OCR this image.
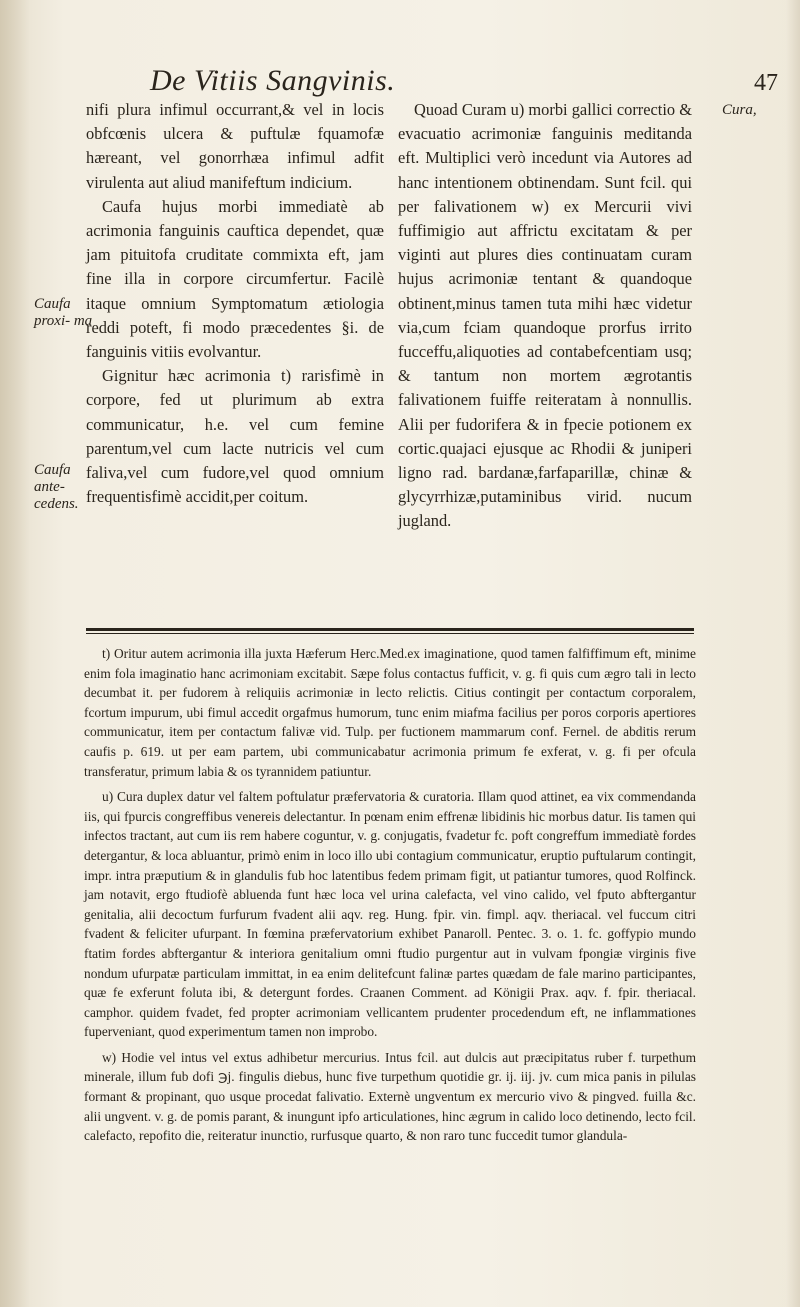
De Vitiis Sangvinis.	47
Caufa proxi- ma
Caufa ante- cedens.
Cura,

nifi plura infimul occurrant,& vel in locis obfcœnis ulcera & puftulæ fquamofæ hæreant, vel gonorrhæa infimul adfit virulenta aut aliud manifeftum indicium.

Caufa hujus morbi immediatè ab acrimonia fanguinis cauftica dependet, quæ jam pituitofa cruditate commixta eft, jam fine illa in corpore circumfertur. Facilè itaque omnium Symptomatum ætiologia reddi poteft, fi modo præcedentes §i. de fanguinis vitiis evolvantur.

Gignitur hæc acrimonia t) rarisfimè in corpore, fed ut plurimum ab extra communicatur, h.e. vel cum femine parentum,vel cum lacte nutricis vel cum faliva,vel cum fudore,vel quod omnium frequentisfimè accidit,per coitum.

Quoad Curam u) morbi gallici correctio & evacuatio acrimoniæ fanguinis meditanda eft. Multiplici verò incedunt via Autores ad hanc intentionem obtinendam. Sunt fcil. qui per falivationem w) ex Mercurii vivi fuffimigio aut affrictu excitatam & per viginti aut plures dies continuatam curam hujus acrimoniæ tentant & quandoque obtinent,minus tamen tuta mihi hæc videtur via,cum fciam quandoque prorfus irrito fucceffu,aliquoties ad contabefcentiam usq; & tantum non mortem ægrotantis falivationem fuiffe reiteratam à nonnullis. Alii per fudorifera & in fpecie potionem ex cortic.quajaci ejusque ac Rhodii & juniperi ligno rad. bardanæ,farfaparillæ, chinæ & glycyrrhizæ,putaminibus virid. nucum jugland.

t) Oritur autem acrimonia illa juxta Hæferum Herc.Med.ex imaginatione, quod tamen falfiffimum eft, minime enim fola imaginatio hanc acrimoniam excitabit. Sæpe folus contactus fufficit, v. g. fi quis cum ægro tali in lecto decumbat it. per fudorem à reliquiis acrimoniæ in lecto relictis. Citius contingit per contactum corporalem, fcortum impurum, ubi fimul accedit orgafmus humorum, tunc enim miafma facilius per poros corporis apertiores communicatur, item per contactum falivæ vid. Tulp. per fuctionem mammarum conf. Fernel. de abditis rerum caufis p. 619. ut per eam partem, ubi communicabatur acrimonia primum fe exferat, v. g. fi per ofcula transferatur, primum labia & os tyrannidem patiuntur.

u) Cura duplex datur vel faltem poftulatur præfervatoria & curatoria. Illam quod attinet, ea vix commendanda iis, qui fpurcis congreffibus venereis delectantur. In pœnam enim effrenæ libidinis hic morbus datur. Iis tamen qui infectos tractant, aut cum iis rem habere coguntur, v. g. conjugatis, fvadetur fc. poft congreffum immediatè fordes detergantur, & loca abluantur, primò enim in loco illo ubi contagium communicatur, eruptio puftularum contingit, impr. intra præputium & in glandulis fub hoc latentibus fedem primam figit, ut patiantur tumores, quod Rolfinck. jam notavit, ergo ftudiofè abluenda funt hæc loca vel urina calefacta, vel vino calido, vel fputo abftergantur genitalia, alii decoctum furfurum fvadent alii aqv. reg. Hung. fpir. vin. fimpl. aqv. theriacal. vel fuccum citri fvadent & feliciter ufurpant. In fœmina præfervatorium exhibet Panaroll. Pentec. 3. o. 1. fc. goffypio mundo ftatim fordes abftergantur & interiora genitalium omni ftudio purgentur aut in vulvam fpongiæ virginis five nondum ufurpatæ particulam immittat, in ea enim delitefcunt falinæ partes quædam de fale marino participantes, quæ fe exferunt foluta ibi, & detergunt fordes. Craanen Comment. ad Königii Prax. aqv. f. fpir. theriacal. camphor. quidem fvadet, fed propter acrimoniam vellicantem prudenter procedendum eft, ne inflammationes fuperveniant, quod experimentum tamen non improbo.

w) Hodie vel intus vel extus adhibetur mercurius. Intus fcil. aut dulcis aut præcipitatus ruber f. turpethum minerale, illum fub dofi ℈j. fingulis diebus, hunc five turpethum quotidie gr. ij. iij. jv. cum mica panis in pilulas formant & propinant, quo usque procedat falivatio. Externè ungventum ex mercurio vivo & pingved. fuilla &c. alii ungvent. v. g. de pomis parant, & inungunt ipfo articulationes, hinc ægrum in calido loco detinendo, lecto fcil. calefacto, repofito die, reiteratur inunctio, rurfusque quarto, & non raro tunc fuccedit tumor glandula-
